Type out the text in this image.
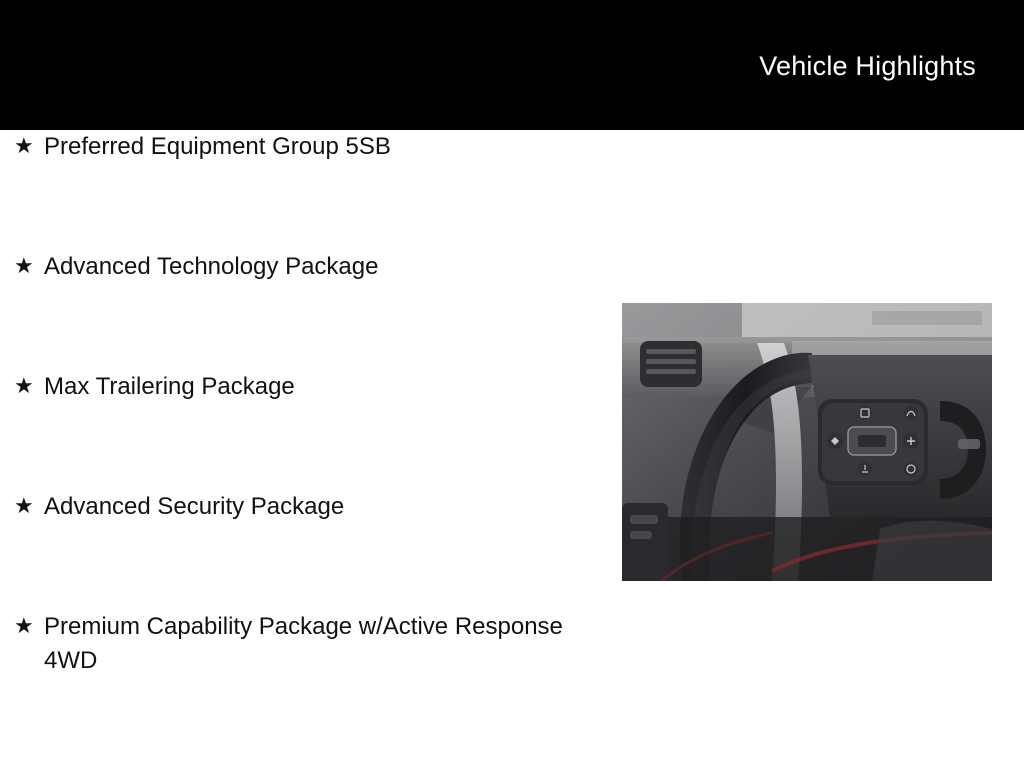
Vehicle Highlights
★ Preferred Equipment Group 5SB
★ Advanced Technology Package
★ Max Trailering Package
★ Advanced Security Package
★ Premium Capability Package w/Active Response 4WD
